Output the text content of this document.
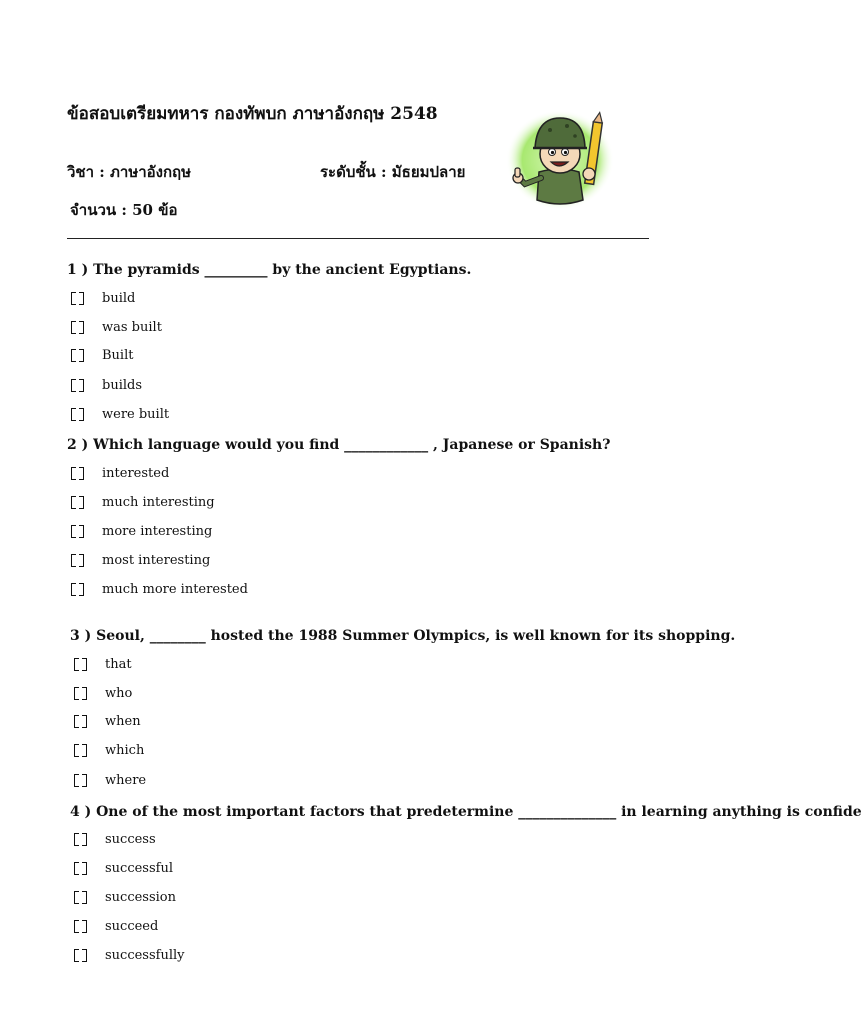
ข้อสอบเตรียมทหาร กองทัพบก ภาษาอังกฤษ 2548
วิชา : ภาษาอังกฤษ	ระดับชั้น : มัธยมปลาย
จำนวน : 50 ข้อ
1 ) The pyramids _________ by the ancient Egyptians.
build
was built
Built
builds
were built
2 ) Which language would you find ____________ , Japanese or Spanish?
interested
much interesting
more interesting
most interesting
much more interested
3 ) Seoul, ________ hosted the 1988 Summer Olympics, is well known for its shopping.
that
who
when
which
where
4 ) One of the most important factors that predetermine ______________ in learning anything is confide
success
successful
succession
succeed
successfully
